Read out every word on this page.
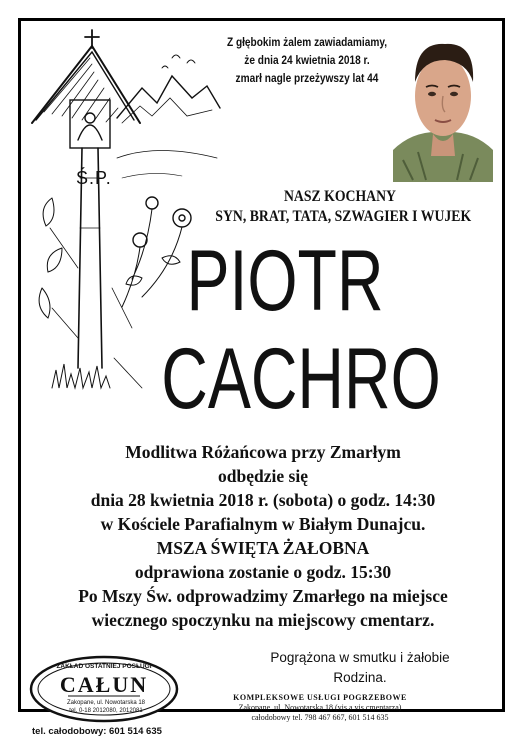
Ś.P.
Z głębokim żalem zawiadamiamy,
że dnia 24 kwietnia 2018 r.
zmarł nagle przeżywszy lat 44
NASZ KOCHANY
SYN, BRAT, TATA, SZWAGIER I WUJEK
PIOTR
CACHRO
Modlitwa Różańcowa przy Zmarłym
odbędzie się
dnia 28 kwietnia 2018 r. (sobota) o godz. 14:30
w Kościele Parafialnym w Białym Dunajcu.
MSZA ŚWIĘTA ŻAŁOBNA
odprawiona zostanie o godz. 15:30
Po Mszy Św. odprowadzimy Zmarłego na miejsce
wiecznego spoczynku na miejscowy cmentarz.
Pogrążona w smutku i żałobie
Rodzina.
ZAKŁAD OSTATNIEJ POSŁUGI
CAŁUN
Zakopane, ul. Nowotarska 18
tel. 0-18 2012080, 2012081
KOMPLEKSOWE USŁUGI POGRZEBOWE
Zakopane, ul. Nowotarska 18 (vis a vis cmentarza)
całodobowy tel. 798 467 667, 601 514 635
tel. całodobowy: 601 514 635
